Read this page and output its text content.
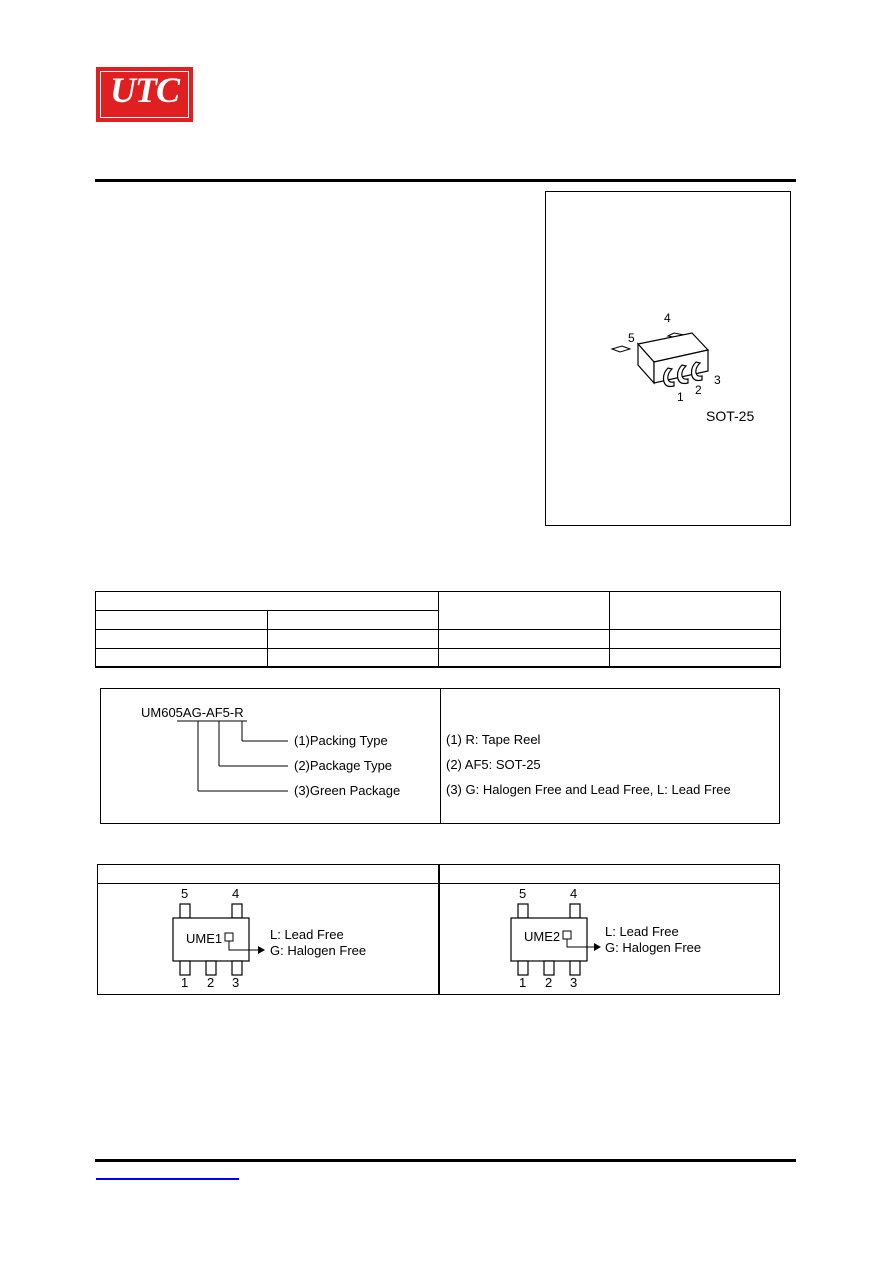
UTC
4
5
1 2
3
SOT-25

UM605AG-AF5-R
(1)Packing Type
(2)Package Type
(3)Green Package
(1) R: Tape Reel
(2) AF5: SOT-25
(3) G: Halogen Free and Lead Free, L: Lead Free
5	4
UME1
1 2 3
L: Lead Free
G: Halogen Free
5	4
UME2
1 2 3
L: Lead Free
G: Halogen Free
